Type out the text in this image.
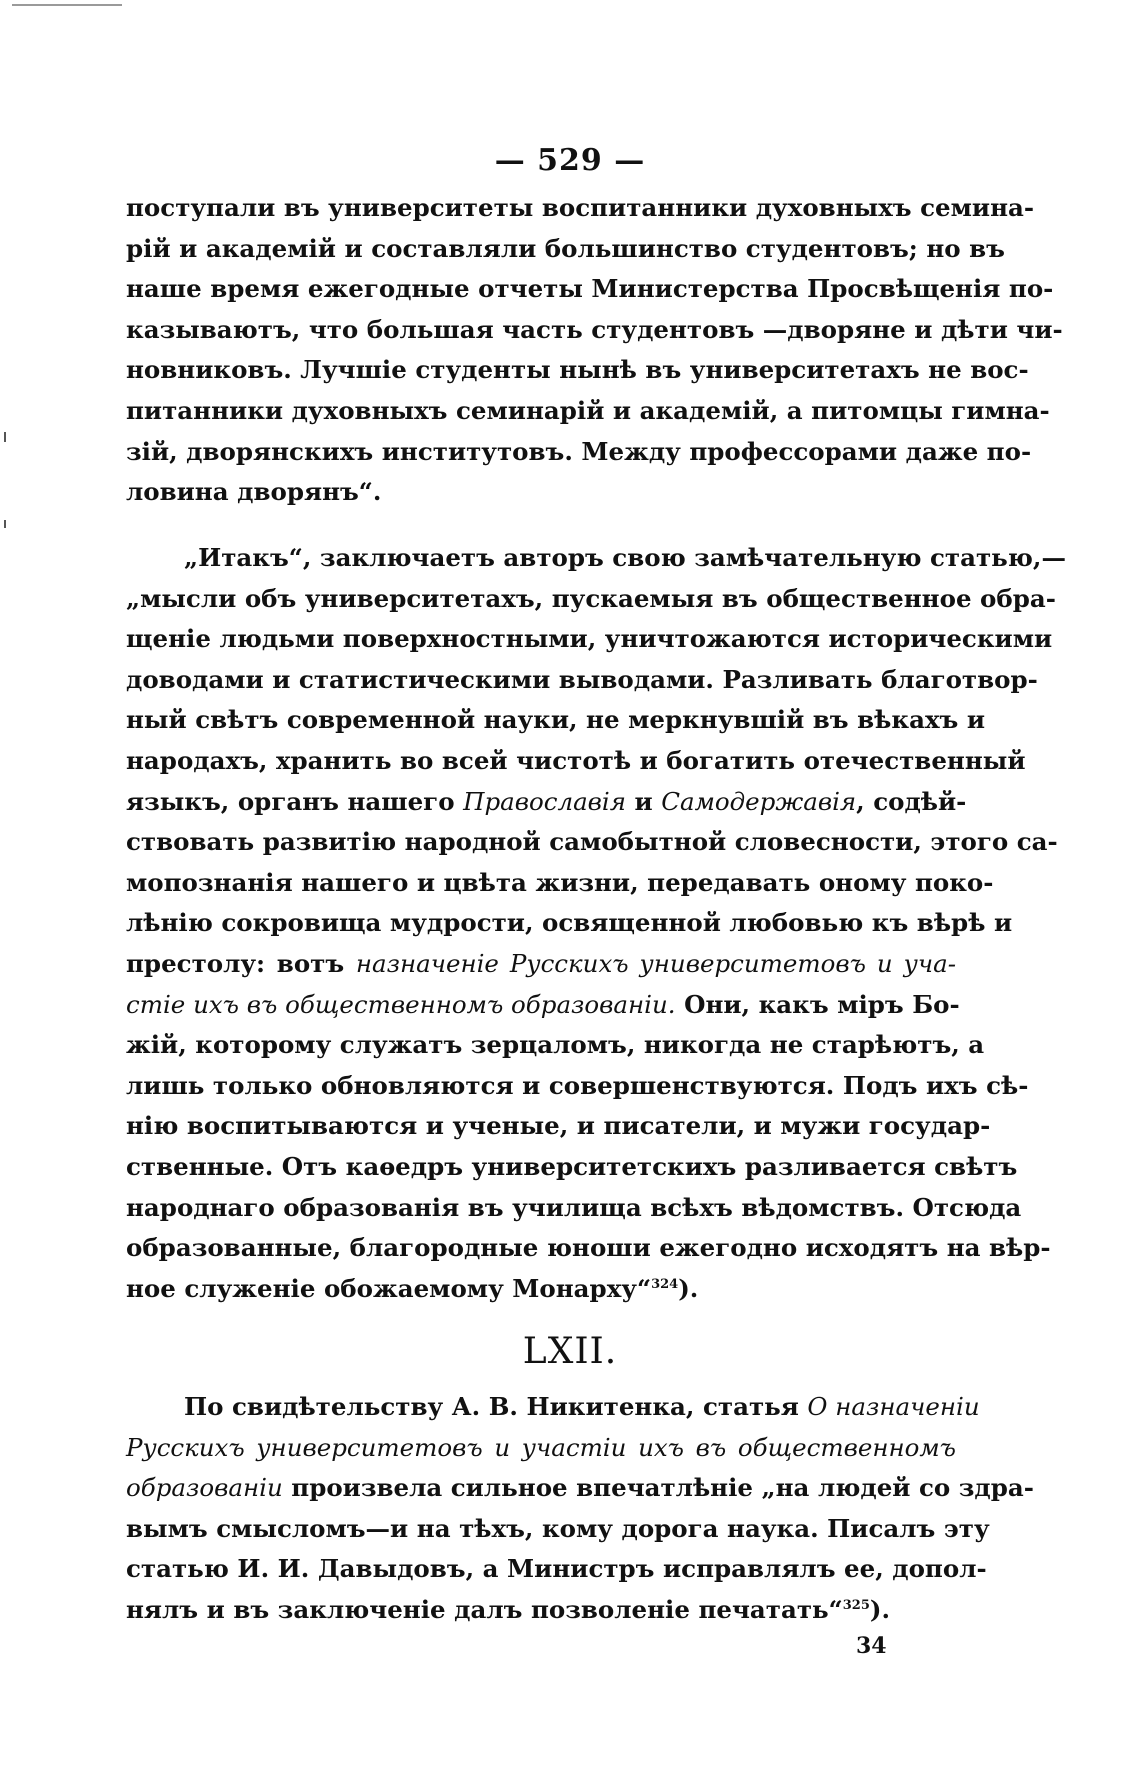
— 529 —
поступали въ университеты воспитанники духовныхъ семина-
рій и академій и составляли большинство студентовъ; но въ
наше время ежегодные отчеты Министерства Просвѣщенія по-
казываютъ, что большая часть студентовъ —дворяне и дѣти чи-
новниковъ. Лучшіе студенты нынѣ въ университетахъ не вос-
питанники духовныхъ семинарій и академій, а питомцы гимна-
зій, дворянскихъ институтовъ. Между профессорами даже по-
ловина дворянъ“.
„Итакъ“, заключаетъ авторъ свою замѣчательную статью,—
„мысли объ университетахъ, пускаемыя въ общественное обра-
щеніе людьми поверхностными, уничтожаются историческими
доводами и статистическими выводами. Разливать благотвор-
ный свѣтъ современной науки, не меркнувшій въ вѣкахъ и
народахъ, хранить во всей чистотѣ и богатить отечественный
языкъ, органъ нашего Православія и Самодержавія, содѣй-
ствовать развитію народной самобытной словесности, этого са-
мопознанія нашего и цвѣта жизни, передавать оному поко-
лѣнію сокровища мудрости, освященной любовью къ вѣрѣ и
престолу: вотъ назначеніе Русскихъ университетовъ и уча-
стіе ихъ въ общественномъ образованіи. Они, какъ міръ Бо-
жій, которому служатъ зерцаломъ, никогда не старѣютъ, а
лишь только обновляются и совершенствуются. Подъ ихъ сѣ-
нію воспитываются и ученые, и писатели, и мужи государ-
ственные. Отъ каѳедръ университетскихъ разливается свѣтъ
народнаго образованія въ училища всѣхъ вѣдомствъ. Отсюда
образованные, благородные юноши ежегодно исходятъ на вѣр-
ное служеніе обожаемому Монарху“$^{324}$).
LXII.
По свидѣтельству А. В. Никитенка, статья О назначеніи
Русскихъ университетовъ и участіи ихъ въ общественномъ
образованіи произвела сильное впечатлѣніе „на людей со здра-
вымъ смысломъ—и на тѣхъ, кому дорога наука. Писалъ эту
статью И. И. Давыдовъ, а Министръ исправлялъ ее, допол-
нялъ и въ заключеніе далъ позволеніе печатать“$^{325}$).
34
